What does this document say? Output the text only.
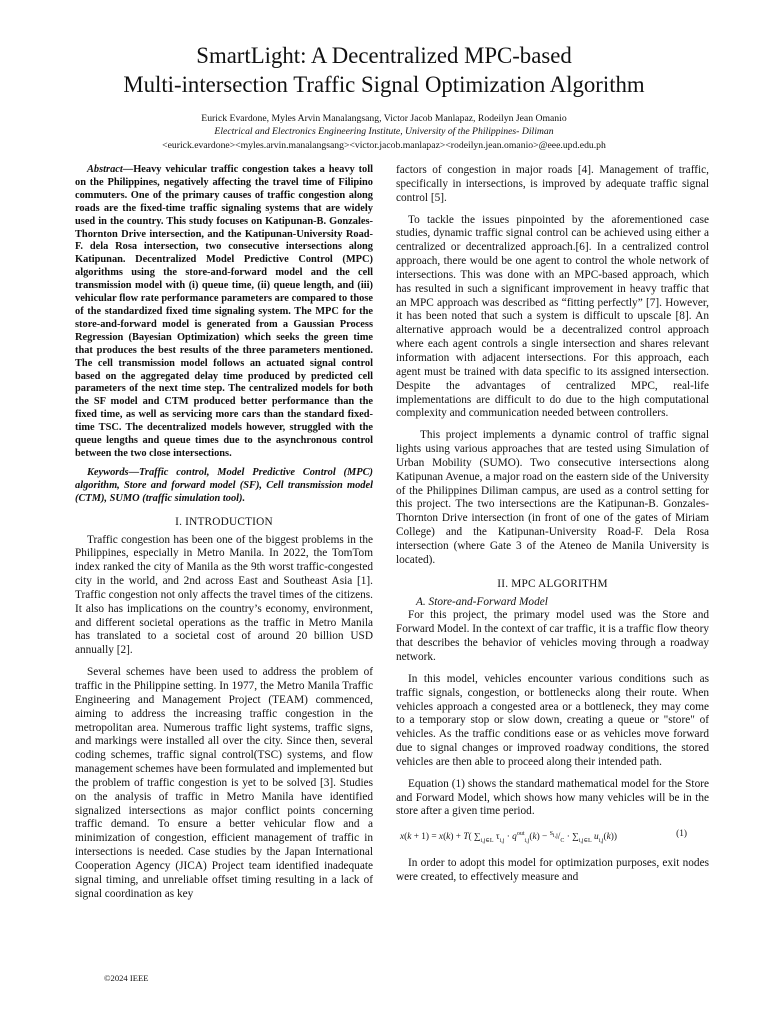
SmartLight: A Decentralized MPC-based
Multi-intersection Traffic Signal Optimization Algorithm
Eurick Evardone, Myles Arvin Manalangsang, Victor Jacob Manlapaz, Rodeilyn Jean Omanio
Electrical and Electronics Engineering Institute, University of the Philippines- Diliman
<eurick.evardone><myles.arvin.manalangsang><victor.jacob.manlapaz><rodeilyn.jean.omanio>@eee.upd.edu.ph

Abstract—Heavy vehicular traffic congestion takes a heavy toll on the Philippines, negatively affecting the travel time of Filipino commuters. One of the primary causes of traffic congestion along roads are the fixed-time traffic signaling systems that are widely used in the country. This study focuses on Katipunan-B. Gonzales-Thornton Drive intersection, and the Katipunan-University Road-F. dela Rosa intersection, two consecutive intersections along Katipunan. Decentralized Model Predictive Control (MPC) algorithms using the store-and-forward model and the cell transmission model with (i) queue time, (ii) queue length, and (iii) vehicular flow rate performance parameters are compared to those of the standardized fixed time signaling system. The MPC for the store-and-forward model is generated from a Gaussian Process Regression (Bayesian Optimization) which seeks the green time that produces the best results of the three parameters mentioned. The cell transmission model follows an actuated signal control based on the aggregated delay time produced by predicted cell parameters of the next time step. The centralized models for both the SF model and CTM produced better performance than the fixed time, as well as servicing more cars than the standard fixed-time TSC. The decentralized models however, struggled with the queue lengths and queue times due to the asynchronous control between the two close intersections.

Keywords—Traffic control, Model Predictive Control (MPC) algorithm, Store and forward model (SF), Cell transmission model (CTM), SUMO (traffic simulation tool).

I. INTRODUCTION

Traffic congestion has been one of the biggest problems in the Philippines, especially in Metro Manila. In 2022, the TomTom index ranked the city of Manila as the 9th worst traffic-congested city in the world, and 2nd across East and Southeast Asia [1]. Traffic congestion not only affects the travel times of the citizens. It also has implications on the country’s economy, environment, and different societal operations as the traffic in Metro Manila has translated to a societal cost of around 20 billion USD annually [2].

Several schemes have been used to address the problem of traffic in the Philippine setting. In 1977, the Metro Manila Traffic Engineering and Management Project (TEAM) commenced, aiming to address the increasing traffic congestion in the metropolitan area. Numerous traffic light systems, traffic signs, and markings were installed all over the city. Since then, several coding schemes, traffic signal control(TSC) systems, and flow management schemes have been formulated and implemented but the problem of traffic congestion is yet to be solved [3]. Studies on the analysis of traffic in Metro Manila have identified signalized intersections as major conflict points concerning traffic demand. To ensure a better vehicular flow and a minimization of congestion, efficient management of traffic in intersections is needed. Case studies by the Japan International Cooperation Agency (JICA) Project team identified inadequate signal timing, and unreliable offset timing resulting in a lack of signal coordination as key

factors of congestion in major roads [4]. Management of traffic, specifically in intersections, is improved by adequate traffic signal control [5].

To tackle the issues pinpointed by the aforementioned case studies, dynamic traffic signal control can be achieved using either a centralized or decentralized approach.[6]. In a centralized control approach, there would be one agent to control the whole network of intersections. This was done with an MPC-based approach, which has resulted in such a significant improvement in heavy traffic that an MPC approach was described as “fitting perfectly” [7]. However, it has been noted that such a system is difficult to upscale [8]. An alternative approach would be a decentralized control approach where each agent controls a single intersection and shares relevant information with adjacent intersections. For this approach, each agent must be trained with data specific to its assigned intersection. Despite the advantages of centralized MPC, real-life implementations are difficult to do due to the high computational complexity and communication needed between controllers.

This project implements a dynamic control of traffic signal lights using various approaches that are tested using Simulation of Urban Mobility (SUMO). Two consecutive intersections along Katipunan Avenue, a major road on the eastern side of the University of the Philippines Diliman campus, are used as a control setting for this project. The two intersections are the Katipunan-B. Gonzales-Thornton Drive intersection (in front of one of the gates of Miriam College) and the Katipunan-University Road-F. Dela Rosa intersection (where Gate 3 of the Ateneo de Manila University is located).

II. MPC ALGORITHM
A. Store-and-Forward Model

For this project, the primary model used was the Store and Forward Model. In the context of car traffic, it is a traffic flow theory that describes the behavior of vehicles moving through a roadway network.

In this model, vehicles encounter various conditions such as traffic signals, congestion, or bottlenecks along their route. When vehicles approach a congested area or a bottleneck, they may come to a temporary stop or slow down, creating a queue or "store" of vehicles. As the traffic conditions ease or as vehicles move forward due to signal changes or improved roadway conditions, the stored vehicles are then able to proceed along their intended path.

Equation (1) shows the standard mathematical model for the Store and Forward Model, which shows how many vehicles will be in the store after a given time period.

x(k + 1) = x(k) + T( $\sum_{i,j\in L}$ $\tau_{i,j} \cdot q^{out}_{i,j}(k) - ^{S_{i,j}}/_C \cdot \sum_{i,j\in L}$ $u_{i,j}(k)$)	(1)

In order to adopt this model for optimization purposes, exit nodes were created, to effectively measure and

©2024 IEEE
